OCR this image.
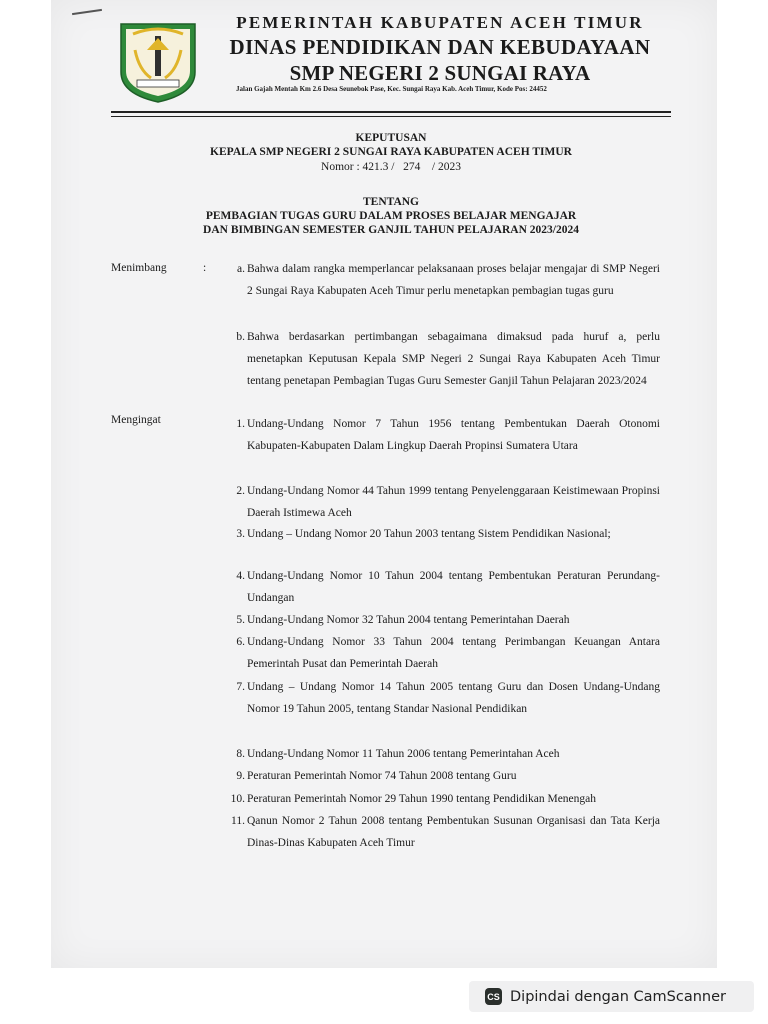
PEMERINTAH KABUPATEN ACEH TIMUR
DINAS PENDIDIKAN DAN KEBUDAYAAN
SMP NEGERI 2 SUNGAI RAYA
Jalan Gajah Mentah Km 2.6 Desa Seunebok Pase, Kec. Sungai Raya Kab. Aceh Timur, Kode Pos: 24452
KEPUTUSAN
KEPALA SMP NEGERI 2 SUNGAI RAYA KABUPATEN ACEH TIMUR
Nomor : 421.3 /   274    / 2023
TENTANG
PEMBAGIAN TUGAS GURU DALAM PROSES BELAJAR MENGAJAR
DAN BIMBINGAN SEMESTER GANJIL TAHUN PELAJARAN 2023/2024
Menimbang	:	a. Bahwa dalam rangka memperlancar pelaksanaan proses belajar mengajar di SMP Negeri 2 Sungai Raya Kabupaten Aceh Timur perlu menetapkan pembagian tugas guru
b. Bahwa berdasarkan pertimbangan sebagaimana dimaksud pada huruf a, perlu menetapkan Keputusan Kepala SMP Negeri 2 Sungai Raya Kabupaten Aceh Timur tentang penetapan Pembagian Tugas Guru Semester Ganjil Tahun Pelajaran 2023/2024
Mengingat	1. Undang-Undang Nomor 7 Tahun 1956 tentang Pembentukan Daerah Otonomi Kabupaten-Kabupaten Dalam Lingkup Daerah Propinsi Sumatera Utara
2. Undang-Undang Nomor 44 Tahun 1999 tentang Penyelenggaraan Keistimewaan Propinsi Daerah Istimewa Aceh
3. Undang – Undang Nomor 20 Tahun 2003 tentang Sistem Pendidikan Nasional;
4. Undang-Undang Nomor 10 Tahun 2004 tentang Pembentukan Peraturan Perundang-Undangan
5. Undang-Undang Nomor 32 Tahun 2004 tentang Pemerintahan Daerah
6. Undang-Undang Nomor 33 Tahun 2004 tentang Perimbangan Keuangan Antara Pemerintah Pusat dan Pemerintah Daerah
7. Undang – Undang Nomor 14 Tahun 2005 tentang Guru dan Dosen Undang-Undang Nomor 19 Tahun 2005, tentang Standar Nasional Pendidikan
8. Undang-Undang Nomor 11 Tahun 2006 tentang Pemerintahan Aceh
9. Peraturan Pemerintah Nomor 74 Tahun 2008 tentang Guru
10. Peraturan Pemerintah Nomor 29 Tahun 1990 tentang Pendidikan Menengah
11. Qanun Nomor 2 Tahun 2008 tentang Pembentukan Susunan Organisasi dan Tata Kerja Dinas-Dinas Kabupaten Aceh Timur
CS Dipindai dengan CamScanner
